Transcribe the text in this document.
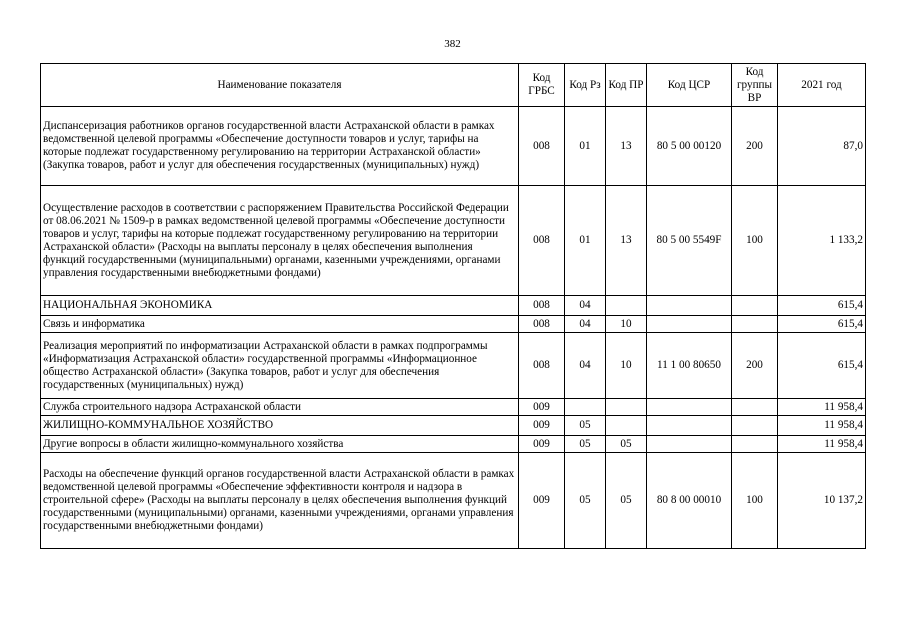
382
Наименование показателя	Код ГРБС	Код Рз	Код ПР	Код ЦСР	Код группы ВР	2021 год
Диспансеризация работников органов государственной власти Астраханской области в рамках ведомственной целевой программы «Обеспечение доступности товаров и услуг, тарифы на которые подлежат государственному регулированию на территории Астраханской области» (Закупка товаров, работ и услуг для обеспечения государственных (муниципальных) нужд)	008	01	13	80 5 00 00120	200	87,0
Осуществление расходов в соответствии с распоряжением Правительства Российской Федерации от 08.06.2021 № 1509-р в рамках ведомственной целевой программы «Обеспечение доступности товаров и услуг, тарифы на которые подлежат государственному регулированию на территории Астраханской области» (Расходы на выплаты персоналу в целях обеспечения выполнения функций государственными (муниципальными) органами, казенными учреждениями, органами управления государственными внебюджетными фондами)	008	01	13	80 5 00 5549F	100	1 133,2
НАЦИОНАЛЬНАЯ ЭКОНОМИКА	008	04				615,4
Связь и информатика	008	04	10			615,4
Реализация мероприятий по информатизации Астраханской области в рамках подпрограммы «Информатизация Астраханской области» государственной программы «Информационное общество Астраханской области» (Закупка товаров, работ и услуг для обеспечения государственных (муниципальных) нужд)	008	04	10	11 1 00 80650	200	615,4
Служба строительного надзора Астраханской области	009					11 958,4
ЖИЛИЩНО-КОММУНАЛЬНОЕ ХОЗЯЙСТВО	009	05				11 958,4
Другие вопросы в области жилищно-коммунального хозяйства	009	05	05			11 958,4
Расходы на обеспечение функций органов государственной власти Астраханской области в рамках ведомственной целевой программы «Обеспечение эффективности контроля и надзора в строительной сфере» (Расходы на выплаты персоналу в целях обеспечения выполнения функций государственными (муниципальными) органами, казенными учреждениями, органами управления государственными внебюджетными фондами)	009	05	05	80 8 00 00010	100	10 137,2
